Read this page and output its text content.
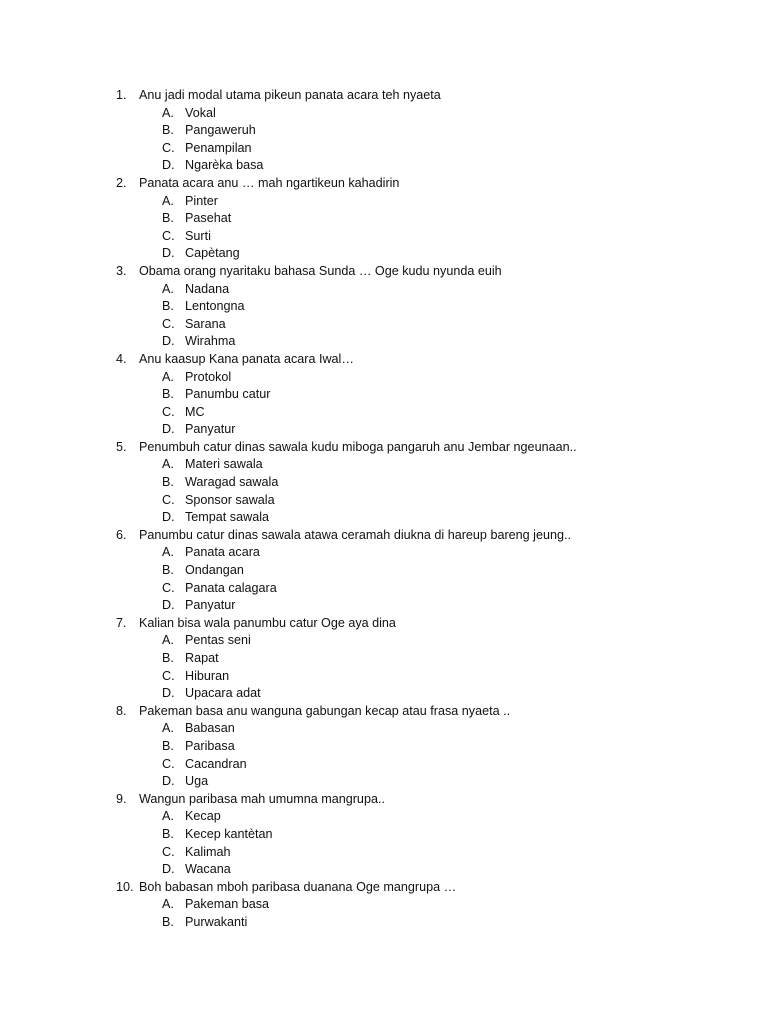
1. Anu jadi modal utama pikeun panata acara teh nyaeta
A. Vokal
B. Pangaweruh
C. Penampilan
D. Ngarèka basa
2. Panata acara anu … mah ngartikeun kahadirin
A. Pinter
B. Pasehat
C. Surti
D. Capètang
3. Obama orang nyaritaku bahasa Sunda … Oge kudu nyunda euih
A. Nadana
B. Lentongna
C. Sarana
D. Wirahma
4. Anu kaasup Kana panata acara Iwal…
A. Protokol
B. Panumbu catur
C. MC
D. Panyatur
5. Penumbuh catur dinas sawala kudu miboga pangaruh anu Jembar ngeunaan..
A. Materi sawala
B. Waragad sawala
C. Sponsor sawala
D. Tempat sawala
6. Panumbu catur dinas sawala atawa ceramah diukna di hareup bareng jeung..
A. Panata acara
B. Ondangan
C. Panata calagara
D. Panyatur
7. Kalian bisa wala panumbu catur Oge aya dina
A. Pentas seni
B. Rapat
C. Hiburan
D. Upacara adat
8. Pakeman basa anu wanguna gabungan kecap atau frasa nyaeta ..
A. Babasan
B. Paribasa
C. Cacandran
D. Uga
9. Wangun paribasa mah umumna mangrupa..
A. Kecap
B. Kecep kantètan
C. Kalimah
D. Wacana
10. Boh babasan mboh paribasa duanana Oge mangrupa …
A. Pakeman basa
B. Purwakanti
